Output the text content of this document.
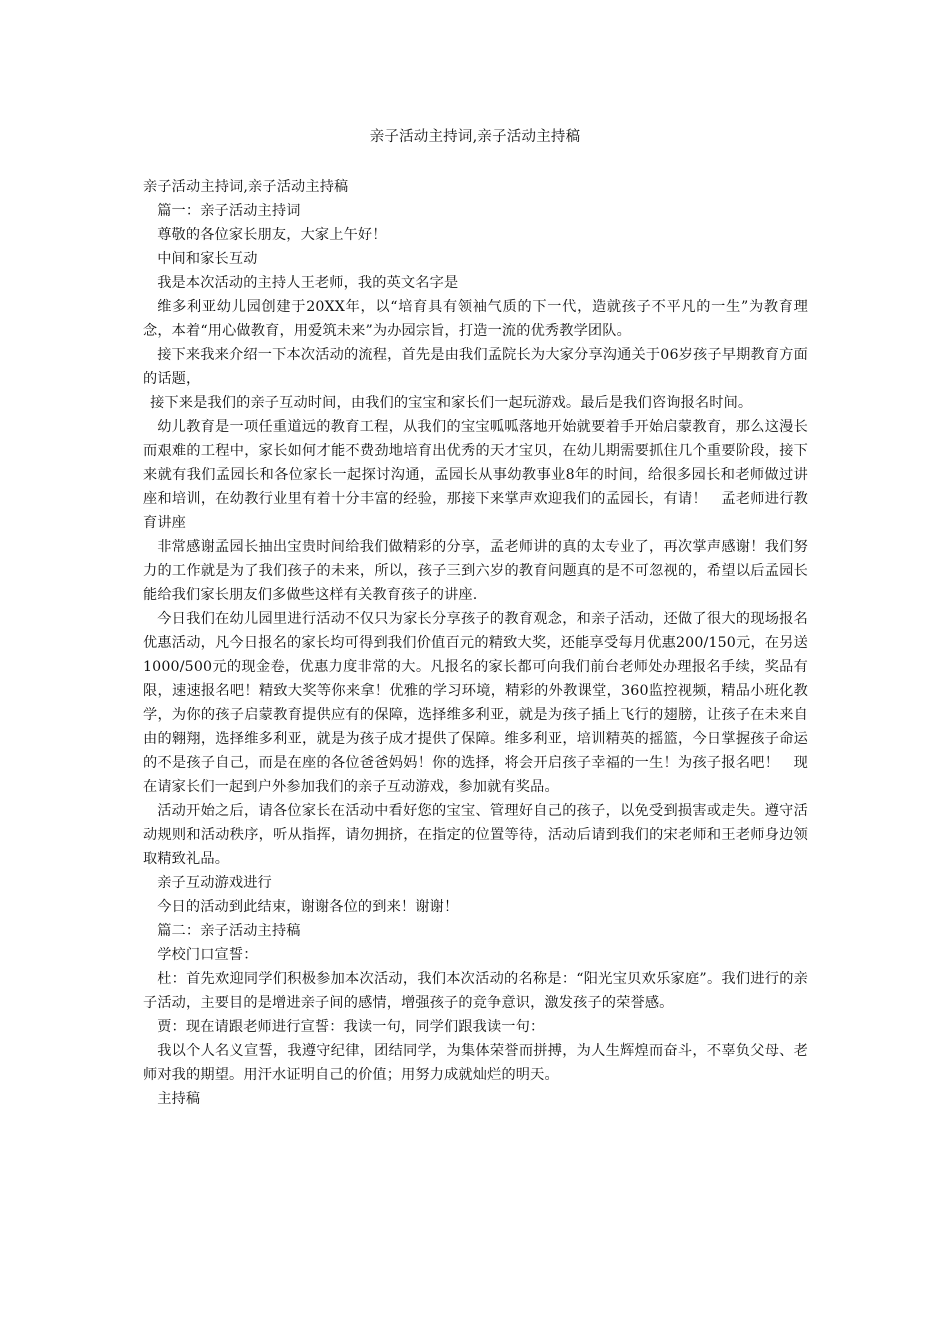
亲子活动主持词,亲子活动主持稿

亲子活动主持词,亲子活动主持稿

篇一：亲子活动主持词

尊敬的各位家长朋友，大家上午好！

中间和家长互动

我是本次活动的主持人王老师，我的英文名字是

维多利亚幼儿园创建于20XX年，以“培育具有领袖气质的下一代，造就孩子不平凡的一生”为教育理念，本着“用心做教育，用爱筑未来”为办园宗旨，打造一流的优秀教学团队。

接下来我来介绍一下本次活动的流程，首先是由我们孟院长为大家分享沟通关于06岁孩子早期教育方面的话题，

接下来是我们的亲子互动时间，由我们的宝宝和家长们一起玩游戏。最后是我们咨询报名时间。

幼儿教育是一项任重道远的教育工程，从我们的宝宝呱呱落地开始就要着手开始启蒙教育，那么这漫长而艰难的工程中，家长如何才能不费劲地培育出优秀的天才宝贝，在幼儿期需要抓住几个重要阶段，接下来就有我们孟园长和各位家长一起探讨沟通，孟园长从事幼教事业8年的时间，给很多园长和老师做过讲座和培训，在幼教行业里有着十分丰富的经验，那接下来掌声欢迎我们的孟园长，有请！　孟老师进行教育讲座

非常感谢孟园长抽出宝贵时间给我们做精彩的分享，孟老师讲的真的太专业了，再次掌声感谢！我们努力的工作就是为了我们孩子的未来，所以，孩子三到六岁的教育问题真的是不可忽视的，希望以后孟园长能给我们家长朋友们多做些这样有关教育孩子的讲座.

今日我们在幼儿园里进行活动不仅只为家长分享孩子的教育观念，和亲子活动，还做了很大的现场报名优惠活动，凡今日报名的家长均可得到我们价值百元的精致大奖，还能享受每月优惠200/150元，在另送1000/500元的现金卷，优惠力度非常的大。凡报名的家长都可向我们前台老师处办理报名手续，奖品有限，速速报名吧！精致大奖等你来拿！优雅的学习环境，精彩的外教课堂，360监控视频，精品小班化教学，为你的孩子启蒙教育提供应有的保障，选择维多利亚，就是为孩子插上飞行的翅膀，让孩子在未来自由的翱翔，选择维多利亚，就是为孩子成才提供了保障。维多利亚，培训精英的摇篮，今日掌握孩子命运的不是孩子自己，而是在座的各位爸爸妈妈！你的选择，将会开启孩子幸福的一生！为孩子报名吧！　现在请家长们一起到户外参加我们的亲子互动游戏，参加就有奖品。

活动开始之后，请各位家长在活动中看好您的宝宝、管理好自己的孩子，以免受到损害或走失。遵守活动规则和活动秩序，听从指挥，请勿拥挤，在指定的位置等待，活动后请到我们的宋老师和王老师身边领取精致礼品。

亲子互动游戏进行

今日的活动到此结束，谢谢各位的到来！谢谢！

篇二：亲子活动主持稿

学校门口宣誓：

杜：首先欢迎同学们积极参加本次活动，我们本次活动的名称是：“阳光宝贝欢乐家庭”。我们进行的亲子活动，主要目的是增进亲子间的感情，增强孩子的竞争意识，激发孩子的荣誉感。

贾：现在请跟老师进行宣誓：我读一句，同学们跟我读一句：

我以个人名义宣誓，我遵守纪律，团结同学，为集体荣誉而拼搏，为人生辉煌而奋斗，不辜负父母、老师对我的期望。用汗水证明自己的价值；用努力成就灿烂的明天。

主持稿
